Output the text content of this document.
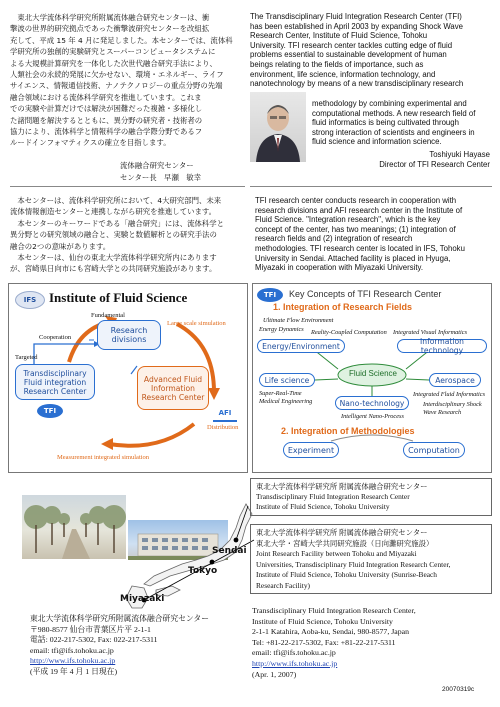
　東北大学流体科学研究所附属流体融合研究センターは、衝
撃波の世界的研究拠点であった衝撃波研究センターを改組拡
充して、平成 15 年 4 月に発足しました。本センターでは、流体科
学研究所の独創的実験研究とスーパーコンピュータシステムに
よる大規模計算研究を一体化した次世代融合研究手法により、
人類社会の永続的発展に欠かせない、環境・エネルギー、ライフ
サイエンス、情報通信技術、ナノテクノロジーの重点分野の先端
融合領域における流体科学研究を推進しています。これま
での実験や計算だけでは解決が困難だった複雑・多様化し
た諸問題を解決するとともに、異分野の研究者・技術者の
協力により、流体科学と情報科学の融合学際分野であるフ
ルードインフォマティクスの確立を目指します。
流体融合研究センター
センター長　早瀬　敏幸
The Transdisciplinary Fluid Integration Research Center (TFI)
has been established in April 2003 by expanding Shock Wave
Research Center, Institute of Fluid Science, Tohoku
University. TFI research center tackles cutting edge of fluid
problems essential to sustainable development of human
beings relating to the fields of importance, such as
environment, life science, information technology, and
nanotechnology by means of a new transdisciplinary research
methodology by combining experimental and
computational methods. A new research field of
fluid informatics is being cultivated through
strong interaction of scientists and engineers in
fluid science and information science.
Toshiyuki Hayase
Director of TFI Research Center
　本センターは、流体科学研究所において、4大研究部門、未来
流体情報創造センターと連携しながら研究を推進しています。
　本センターのキーワードである「融合研究」には、流体科学と
異分野との研究領域の融合と、実験と数値解析との研究手法の
融合の2つの意味があります。
　本センターは、仙台の東北大学流体科学研究所内にあります
が、宮崎県日向市にも宮崎大学との共同研究施設があります。
TFI research center conducts research in cooperation with
research divisions and AFI research center in the Institute of
Fluid Science. "Integration research", which is the key
concept of the center, has two meanings; (1) integration of
research fields and (2) integration of research
methodologies. TFI research center is located in IFS, Tohoku
University in Sendai. Attached facility is placed in Hyuga,
Miyazaki in cooperation with Miyazaki University.
IFS Institute of Fluid Science
Fundamental
Research divisions
Large scale simulation
Cooperation
Targeted
Transdisciplinary Fluid integration Research Center
Advanced Fluid Information Research Center
TFI	AFI
Distribution
Measurement integrated simulation
TFI	Key Concepts of TFI Research Center
1. Integration of Research Fields
Ultimate Flow Environment
Energy Dynamics Reality-Coupled Computation Integrated Visual Informatics
Energy/Environment	Information technology
Life science
Fluid Science
Aerospace
Super-Real-Time Medical Engineering	Nano-technology
Integrated Fluid Informatics
Interdisciplinary Shock Wave Research
Intelligent Nano-Process
2. Integration of Methodologies
Experiment	Computation
Sendai
Tokyo
Miyazaki
東北大学流体科学研究所 附属流体融合研究センター
Transdisciplinary Fluid Integration Research Center
Institute of Fluid Science, Tohoku University
東北大学流体科学研究所 附属流体融合研究センター
東北大学・宮崎大学共同研究施設（日向灘研究施設）
Joint Research Facility between Tohoku and Miyazaki
Universities, Transdisciplinary Fluid Integration Research Center,
Institute of Fluid Science, Tohoku University (Sunrise-Beach
Research Facility)
東北大学流体科学研究所附属流体融合研究センター
〒980-8577 仙台市青葉区片平 2-1-1
電話: 022-217-5302, Fax: 022-217-5311
email: tfi@ifs.tohoku.ac.jp
http://www.ifs.tohoku.ac.jp
(平成 19 年 4 月 1 日現在)
Transdisciplinary Fluid Integration Research Center,
Institute of Fluid Science, Tohoku University
2-1-1 Katahira, Aoba-ku, Sendai, 980-8577, Japan
Tel: +81-22-217-5302, Fax: +81-22-217-5311
email: tfi@ifs.tohoku.ac.jp
http://www.ifs.tohoku.ac.jp
(Apr. 1, 2007)
20070319c
